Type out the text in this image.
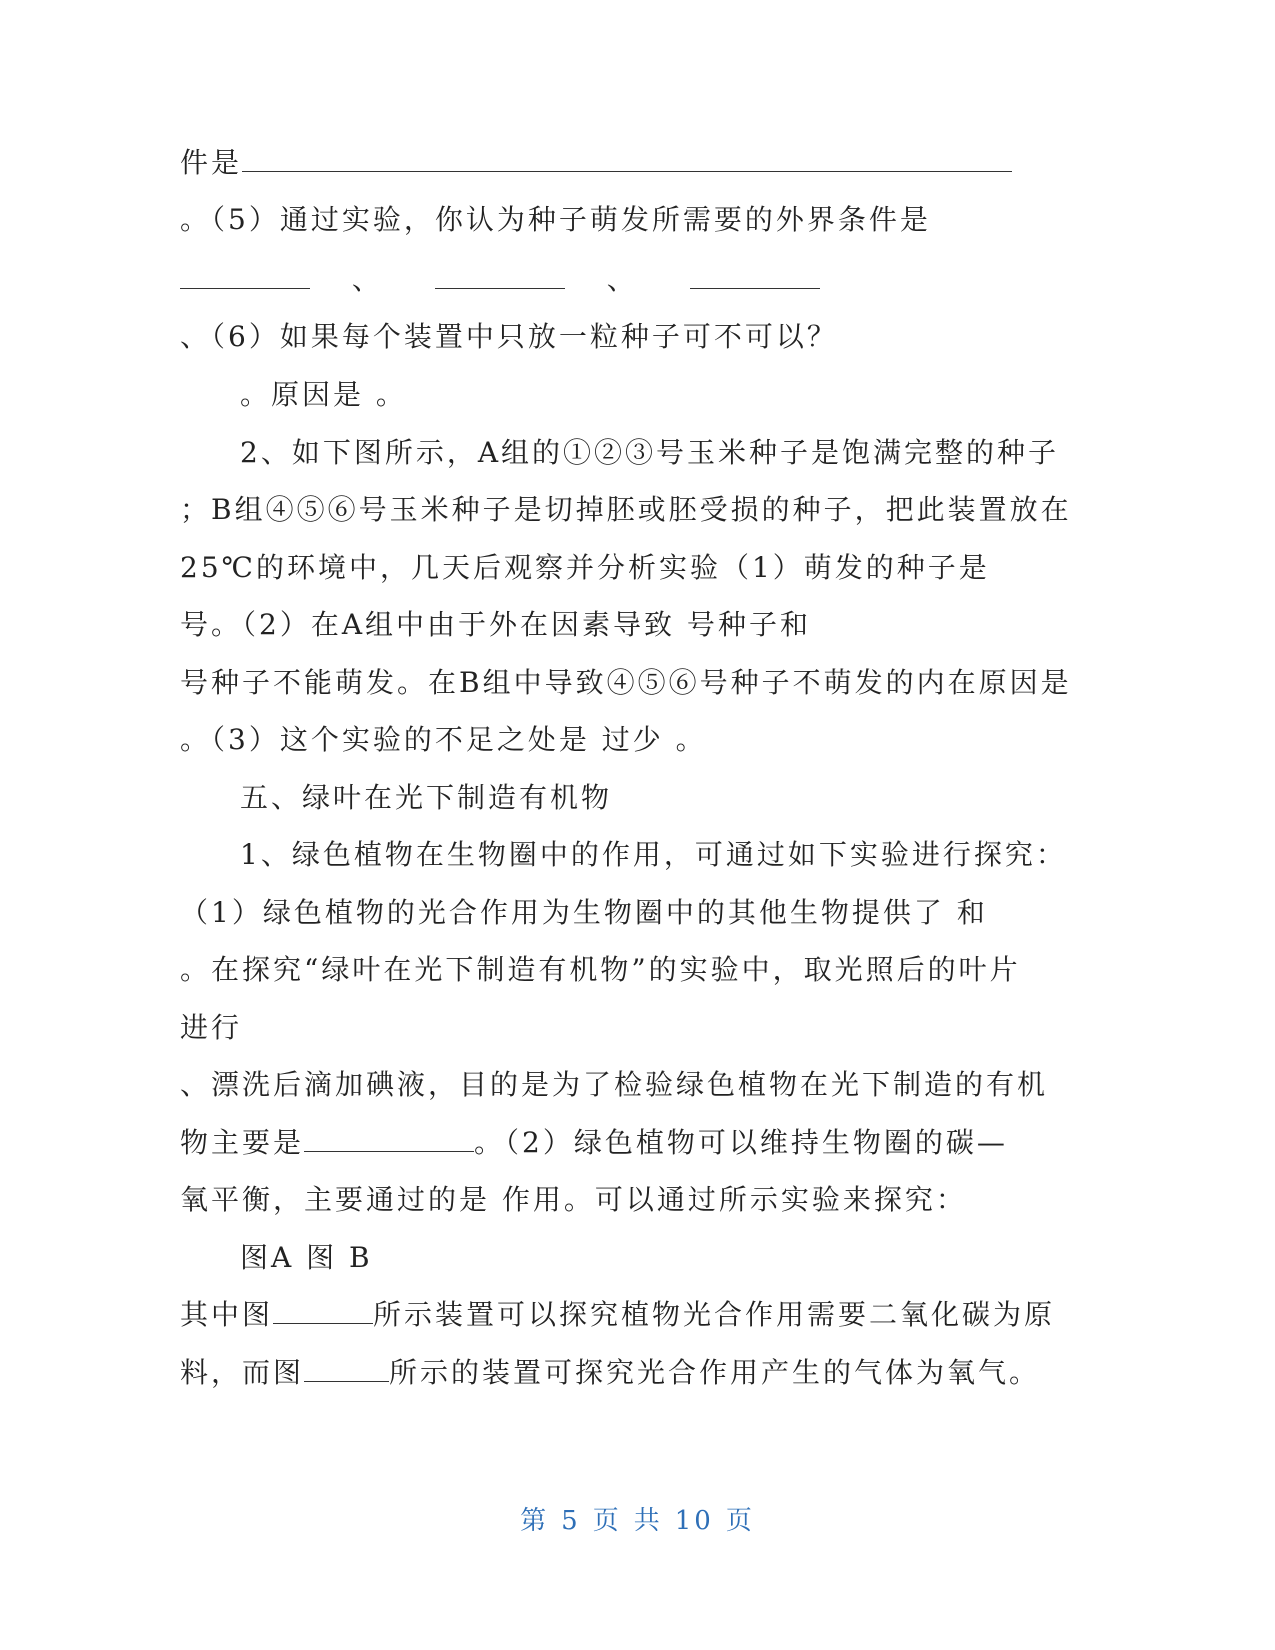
件是
。（5）通过实验，你认为种子萌发所需要的外界条件是
、	、
、（6）如果每个装置中只放一粒种子可不可以？
。原因是 。
2、如下图所示，A组的①②③号玉米种子是饱满完整的种子
；B组④⑤⑥号玉米种子是切掉胚或胚受损的种子，把此装置放在
25℃的环境中，几天后观察并分析实验（1）萌发的种子是
号。（2）在A组中由于外在因素导致 号种子和
号种子不能萌发。在B组中导致④⑤⑥号种子不萌发的内在原因是
。（3）这个实验的不足之处是 过少 。
五、绿叶在光下制造有机物
1、绿色植物在生物圈中的作用，可通过如下实验进行探究：
（1）绿色植物的光合作用为生物圈中的其他生物提供了 和
。在探究“绿叶在光下制造有机物”的实验中，取光照后的叶片
进行
、漂洗后滴加碘液，目的是为了检验绿色植物在光下制造的有机
物主要是	。（2）绿色植物可以维持生物圈的碳—
氧平衡，主要通过的是 作用。可以通过所示实验来探究：
图A 图 B
其中图	所示装置可以探究植物光合作用需要二氧化碳为原
料，而图	所示的装置可探究光合作用产生的气体为氧气。
第 5 页 共 10 页
